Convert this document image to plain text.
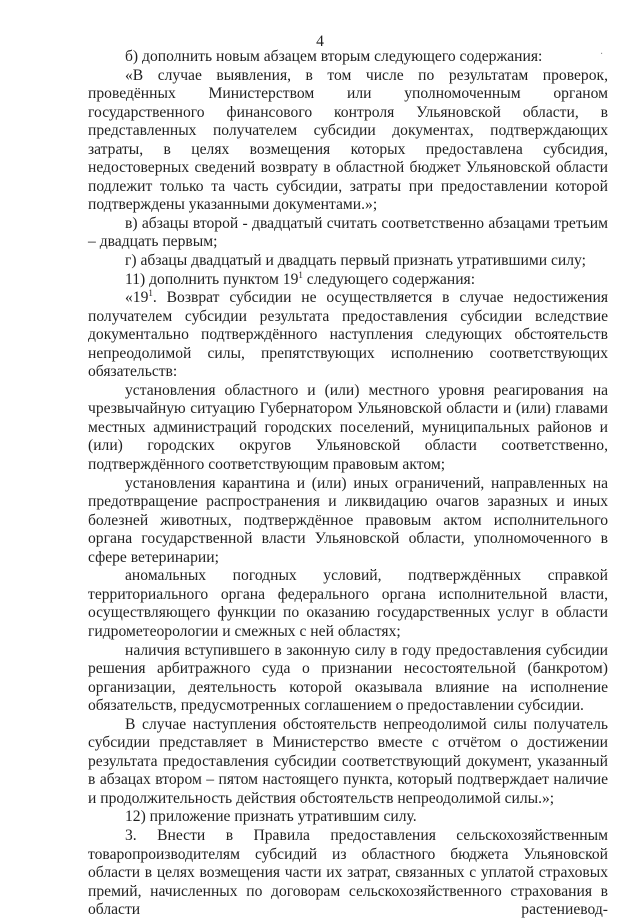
4
·

б) дополнить новым абзацем вторым следующего содержания:

«В случае выявления, в том числе по результатам проверок, проведённых Министерством или уполномоченным органом государственного финансового контроля Ульяновской области, в представленных получателем субсидии документах, подтверждающих затраты, в целях возмещения которых предоставлена субсидия, недостоверных сведений возврату в областной бюджет Ульяновской области подлежит только та часть субсидии, затраты при предоставлении которой подтверждены указанными документами.»;

в) абзацы второй - двадцатый считать соответственно абзацами третьим – двадцать первым;

г) абзацы двадцатый и двадцать первый признать утратившими силу;

11) дополнить пунктом $19^1$ следующего содержания:

«$19^1$. Возврат субсидии не осуществляется в случае недостижения получателем субсидии результата предоставления субсидии вследствие документально подтверждённого наступления следующих обстоятельств непреодолимой силы, препятствующих исполнению соответствующих обязательств:

установления областного и (или) местного уровня реагирования на чрезвычайную ситуацию Губернатором Ульяновской области и (или) главами местных администраций городских поселений, муниципальных районов и (или) городских округов Ульяновской области соответственно, подтверждённого соответствующим правовым актом;

установления карантина и (или) иных ограничений, направленных на предотвращение распространения и ликвидацию очагов заразных и иных болезней животных, подтверждённое правовым актом исполнительного органа государственной власти Ульяновской области, уполномоченного в сфере ветеринарии;

аномальных погодных условий, подтверждённых справкой территориального органа федерального органа исполнительной власти, осуществляющего функции по оказанию государственных услуг в области гидрометеорологии и смежных с ней областях;

наличия вступившего в законную силу в году предоставления субсидии решения арбитражного суда о признании несостоятельной (банкротом) организации, деятельность которой оказывала влияние на исполнение обязательств, предусмотренных соглашением о предоставлении субсидии.

В случае наступления обстоятельств непреодолимой силы получатель субсидии представляет в Министерство вместе с отчётом о достижении результата предоставления субсидии соответствующий документ, указанный в абзацах втором – пятом настоящего пункта, который подтверждает наличие и продолжительность действия обстоятельств непреодолимой силы.»;

12) приложение признать утратившим силу.

3. Внести в Правила предоставления сельскохозяйственным товаропроизводителям субсидий из областного бюджета Ульяновской области в целях возмещения части их затрат, связанных с уплатой страховых премий, начисленных по договорам сельскохозяйственного страхования в области растениевод-
